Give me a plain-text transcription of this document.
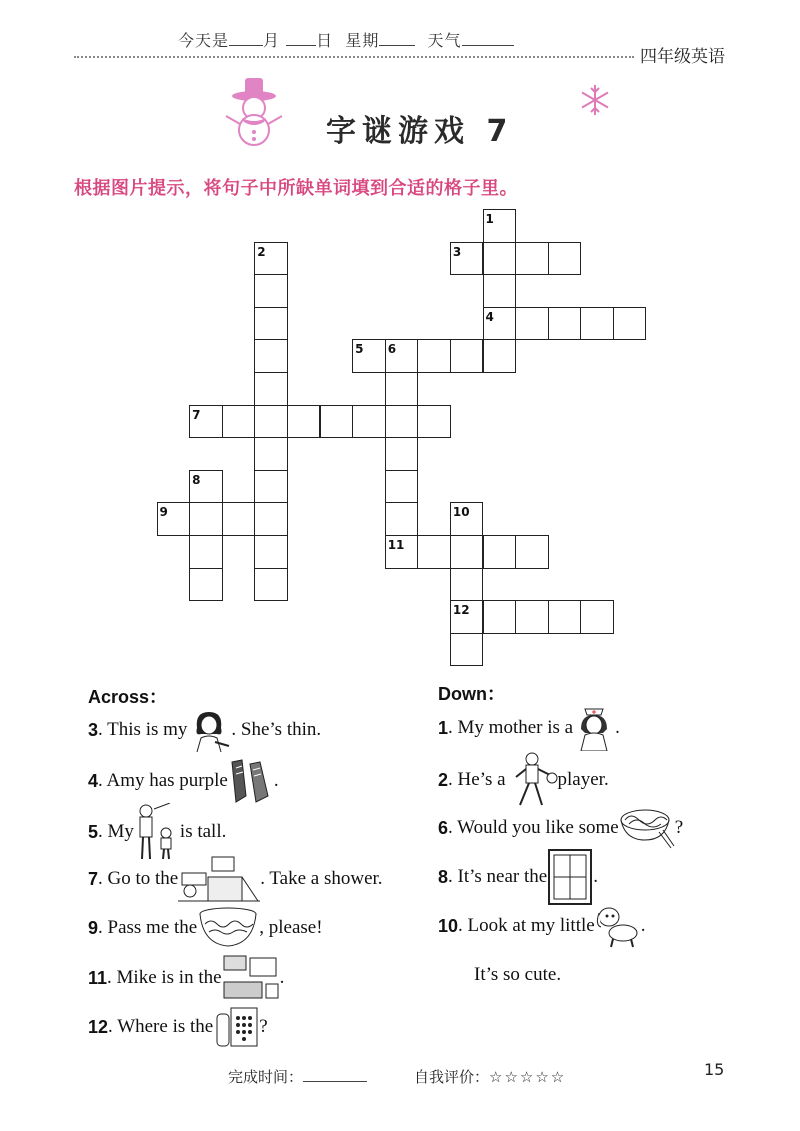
今天是 月 日 星期	天气
四年级英语
字谜游戏 7
根据图片提示，将句子中所缺单词填到合适的格子里。
1
2	3
4
5 6
7
8
9	10
11
12
Across：	Down：
3 . This is my . She’s thin.
4 . Amy has purple .
5 . My is tall.
7 . Go to the	. Take a shower.
9 . Pass me the	, please!
11 . Mike is in the	.
12 . Where is the ?
1 . My mother is a .
2 . He’s a	player.
6 . Would you like some	?
8 . It’s near the .
10 . Look at my little .
It’s so cute.
完成时间：	自我评价：☆☆☆☆☆	15
